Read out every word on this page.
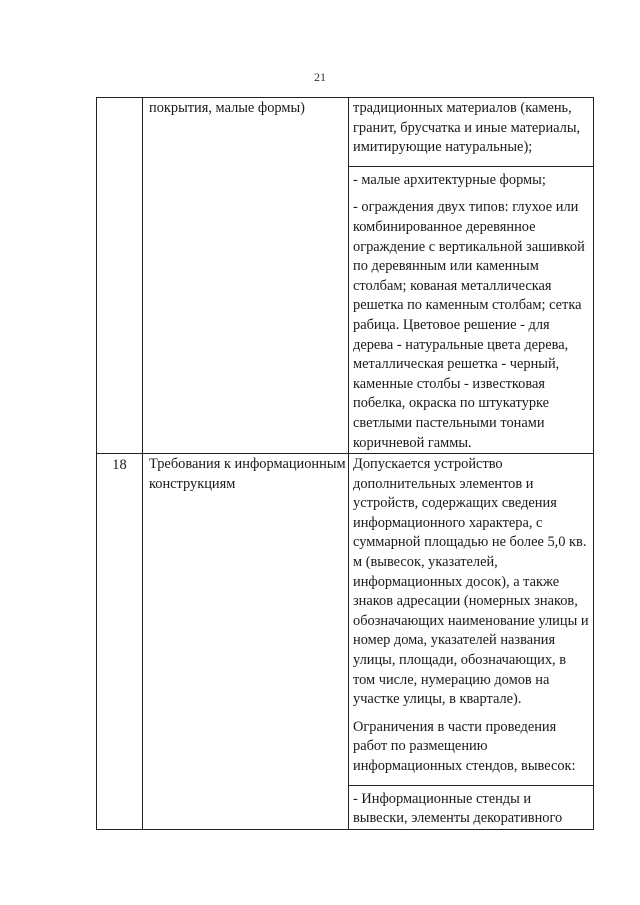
21
	покрытия, малые формы)	традиционных материалов (камень, гранит, брусчатка и иные материалы, имитирующие натуральные);

- малые архитектурные формы;

- ограждения двух типов: глухое или комбинированное деревянное ограждение с вертикальной зашивкой по деревянным или каменным столбам; кованая металлическая решетка по каменным столбам; сетка рабица. Цветовое решение - для дерева - натуральные цвета дерева, металлическая решетка - черный, каменные столбы - известковая побелка, окраска по штукатурке светлыми пастельными тонами коричневой гаммы.

18	Требования к информационным конструкциям	Допускается устройство дополнительных элементов и устройств, содержащих сведения информационного характера, с суммарной площадью не более 5,0 кв. м (вывесок, указателей, информационных досок), а также знаков адресации (номерных знаков, обозначающих наименование улицы и номер дома, указателей названия улицы, площади, обозначающих, в том числе, нумерацию домов на участке улицы, в квартале).

Ограничения в части проведения работ по размещению информационных стендов, вывесок:

- Информационные стенды и вывески, элементы декоративного
